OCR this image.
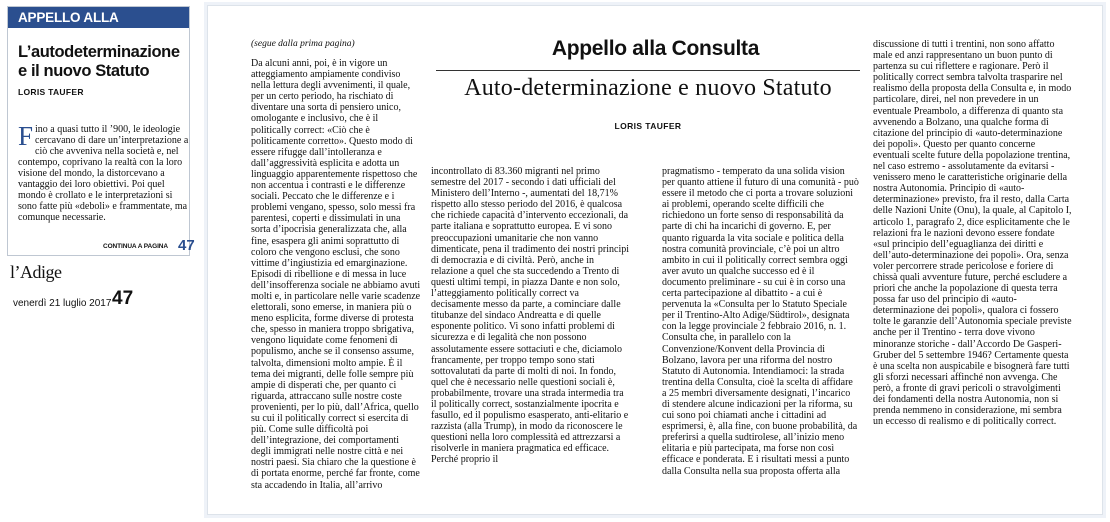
APPELLO ALLA CONSULTA
L’autodeterminazione e il nuovo Statuto
LORIS TAUFER
Fino a quasi tutto il ’900, le ideologie cercavano di dare un’interpretazione a ciò che avveniva nella società e, nel contempo, coprivano la realtà con la loro visione del mondo, la distorcevano a vantaggio dei loro obiettivi. Poi quel mondo è crollato e le interpretazioni si sono fatte più «deboli» e frammentate, ma comunque necessarie.
CONTINUA A PAGINA 47
l’Adige
venerdì 21 luglio 2017 47
(segue dalla prima pagina)	Appello alla Consulta
Auto-determinazione e nuovo Statuto
LORIS TAUFER
Da alcuni anni, poi, è in vigore un atteggiamento ampiamente condiviso nella lettura degli avvenimenti, il quale, per un certo periodo, ha rischiato di diventare una sorta di pensiero unico, omologante e inclusivo, che è il politically correct: «Ciò che è politicamente corretto». Questo modo di essere rifugge dall’intolleranza e dall’aggressività esplicita e adotta un linguaggio apparentemente rispettoso che non accentua i contrasti e le differenze sociali. Peccato che le differenze e i problemi vengano, spesso, solo messi fra parentesi, coperti e dissimulati in una sorta d’ipocrisia generalizzata che, alla fine, esaspera gli animi soprattutto di coloro che vengono esclusi, che sono vittime d’ingiustizia ed emarginazione. Episodi di ribellione e di messa in luce dell’insofferenza sociale ne abbiamo avuti molti e, in particolare nelle varie scadenze elettorali, sono emerse, in maniera più o meno esplicita, forme diverse di protesta che, spesso in maniera troppo sbrigativa, vengono liquidate come fenomeni di populismo, anche se il consenso assume, talvolta, dimensioni molto ampie. È il tema dei migranti, delle folle sempre più ampie di disperati che, per quanto ci riguarda, attraccano sulle nostre coste provenienti, per lo più, dall’Africa, quello su cui il politically correct si esercita di più. Come sulle difficoltà poi dell’integrazione, dei comportamenti degli immigrati nelle nostre città e nei nostri paesi. Sia chiaro che la questione è di portata enorme, perché far fronte, come sta accadendo in Italia, all’arrivo
incontrollato di 83.360 migranti nel primo semestre del 2017 - secondo i dati ufficiali del Ministero dell’Interno -, aumentati del 18,71% rispetto allo stesso periodo del 2016, è qualcosa che richiede capacità d’intervento eccezionali, da parte italiana e soprattutto europea. E vi sono preoccupazioni umanitarie che non vanno dimenticate, pena il tradimento dei nostri principi di democrazia e di civiltà. Però, anche in relazione a quel che sta succedendo a Trento di questi ultimi tempi, in piazza Dante e non solo, l’atteggiamento politically correct va decisamente messo da parte, a cominciare dalle titubanze del sindaco Andreatta e di quelle esponente politico. Vi sono infatti problemi di sicurezza e di legalità che non possono assolutamente essere sottaciuti e che, diciamolo francamente, per troppo tempo sono stati sottovalutati da parte di molti di noi. In fondo, quel che è necessario nelle questioni sociali è, probabilmente, trovare una strada intermedia tra il politically correct, sostanzialmente ipocrita e fasullo, ed il populismo esasperato, anti-elitario e razzista (alla Trump), in modo da riconoscere le questioni nella loro complessità ed attrezzarsi a risolverle in maniera pragmatica ed efficace. Perché proprio il
pragmatismo - temperato da una solida vision per quanto attiene il futuro di una comunità - può essere il metodo che ci porta a trovare soluzioni ai problemi, operando scelte difficili che richiedono un forte senso di responsabilità da parte di chi ha incarichi di governo. E, per quanto riguarda la vita sociale e politica della nostra comunità provinciale, c’è poi un altro ambito in cui il politically correct sembra oggi aver avuto un qualche successo ed è il documento preliminare - su cui è in corso una certa partecipazione al dibattito - a cui è pervenuta la «Consulta per lo Statuto Speciale per il Trentino-Alto Adige/Südtirol», designata con la legge provinciale 2 febbraio 2016, n. 1. Consulta che, in parallelo con la Convenzione/Konvent della Provincia di Bolzano, lavora per una riforma del nostro Statuto di Autonomia. Intendiamoci: la strada trentina della Consulta, cioè la scelta di affidare a 25 membri diversamente designati, l’incarico di stendere alcune indicazioni per la riforma, su cui sono poi chiamati anche i cittadini ad esprimersi, è, alla fine, con buone probabilità, da preferirsi a quella sudtirolese, all’inizio meno elitaria e più partecipata, ma forse non così efficace e ponderata. E i risultati messi a punto dalla Consulta nella sua proposta offerta alla
discussione di tutti i trentini, non sono affatto male ed anzi rappresentano un buon punto di partenza su cui riflettere e ragionare. Però il politically correct sembra talvolta trasparire nel realismo della proposta della Consulta e, in modo particolare, direi, nel non prevedere in un eventuale Preambolo, a differenza di quanto sta avvenendo a Bolzano, una qualche forma di citazione del principio di «auto-determinazione dei popoli». Questo per quanto concerne eventuali scelte future della popolazione trentina, nel caso estremo - assolutamente da evitarsi - venissero meno le caratteristiche originarie della nostra Autonomia. Principio di «auto-determinazione» previsto, fra il resto, dalla Carta delle Nazioni Unite (Onu), la quale, al Capitolo I, articolo 1, paragrafo 2, dice esplicitamente che le relazioni fra le nazioni devono essere fondate «sul principio dell’eguaglianza dei diritti e dell’auto-determinazione dei popoli». Ora, senza voler percorrere strade pericolose e foriere di chissà quali avventure future, perché escludere a priori che anche la popolazione di questa terra possa far uso del principio di «auto-determinazione dei popoli», qualora ci fossero tolte le garanzie dell’Autonomia speciale previste anche per il Trentino - terra dove vivono minoranze storiche - dall’Accordo De Gasperi-Gruber del 5 settembre 1946? Certamente questa è una scelta non auspicabile e bisognerà fare tutti gli sforzi necessari affinché non avvenga. Che però, a fronte di gravi pericoli o stravolgimenti dei fondamenti della nostra Autonomia, non si prenda nemmeno in considerazione, mi sembra un eccesso di realismo e di politically correct.
